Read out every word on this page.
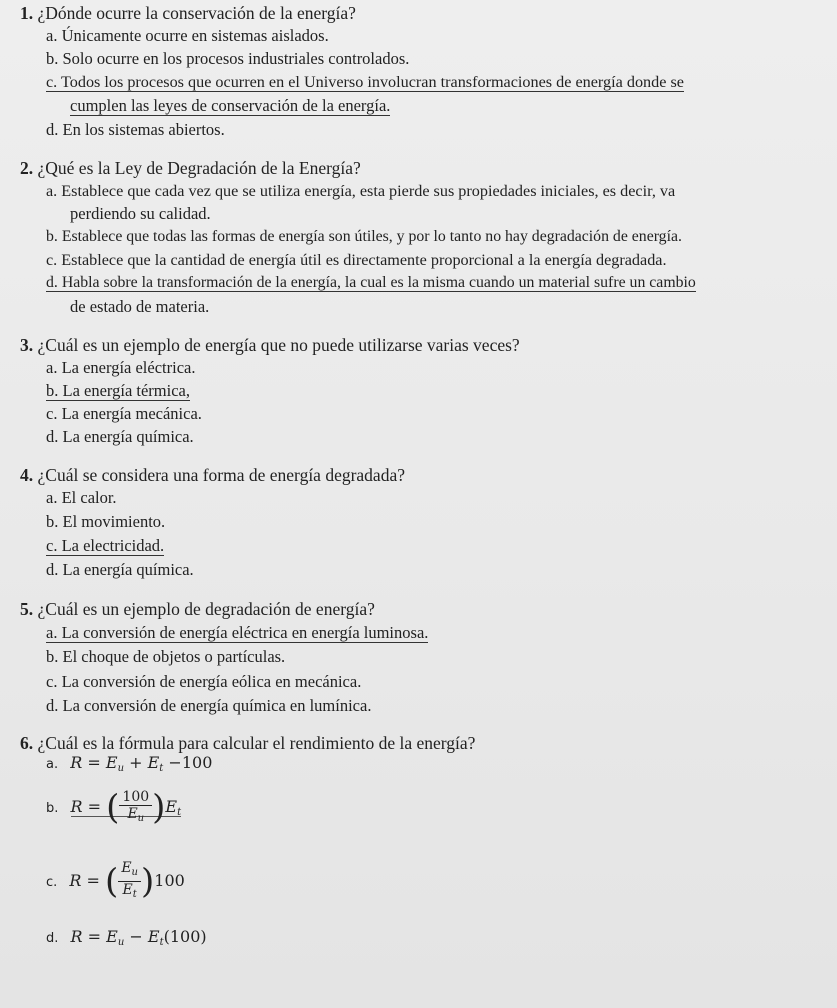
1. ¿Dónde ocurre la conservación de la energía?
a. Únicamente ocurre en sistemas aislados.
b. Solo ocurre en los procesos industriales controlados.
c. Todos los procesos que ocurren en el Universo involucran transformaciones de energía donde se
cumplen las leyes de conservación de la energía.
d. En los sistemas abiertos.
2. ¿Qué es la Ley de Degradación de la Energía?
a. Establece que cada vez que se utiliza energía, esta pierde sus propiedades iniciales, es decir, va
perdiendo su calidad.
b. Establece que todas las formas de energía son útiles, y por lo tanto no hay degradación de energía.
c. Establece que la cantidad de energía útil es directamente proporcional a la energía degradada.
d. Habla sobre la transformación de la energía, la cual es la misma cuando un material sufre un cambio
de estado de materia.
3. ¿Cuál es un ejemplo de energía que no puede utilizarse varias veces?
a. La energía eléctrica.
b. La energía térmica,
c. La energía mecánica.
d. La energía química.
4. ¿Cuál se considera una forma de energía degradada?
a. El calor.
b. El movimiento.
c. La electricidad.
d. La energía química.
5. ¿Cuál es un ejemplo de degradación de energía?
a. La conversión de energía eléctrica en energía luminosa.
b. El choque de objetos o partículas.
c. La conversión de energía eólica en mecánica.
d. La conversión de energía química en lumínica.
6. ¿Cuál es la fórmula para calcular el rendimiento de la energía?
a. $R = E_u + E_t -100$
b. R = ( $\frac{100}{E_u} )E_t$
c. R = ( $\frac{E_u}{E_t} )100$
d. $R = E_u - E_t(100)$
